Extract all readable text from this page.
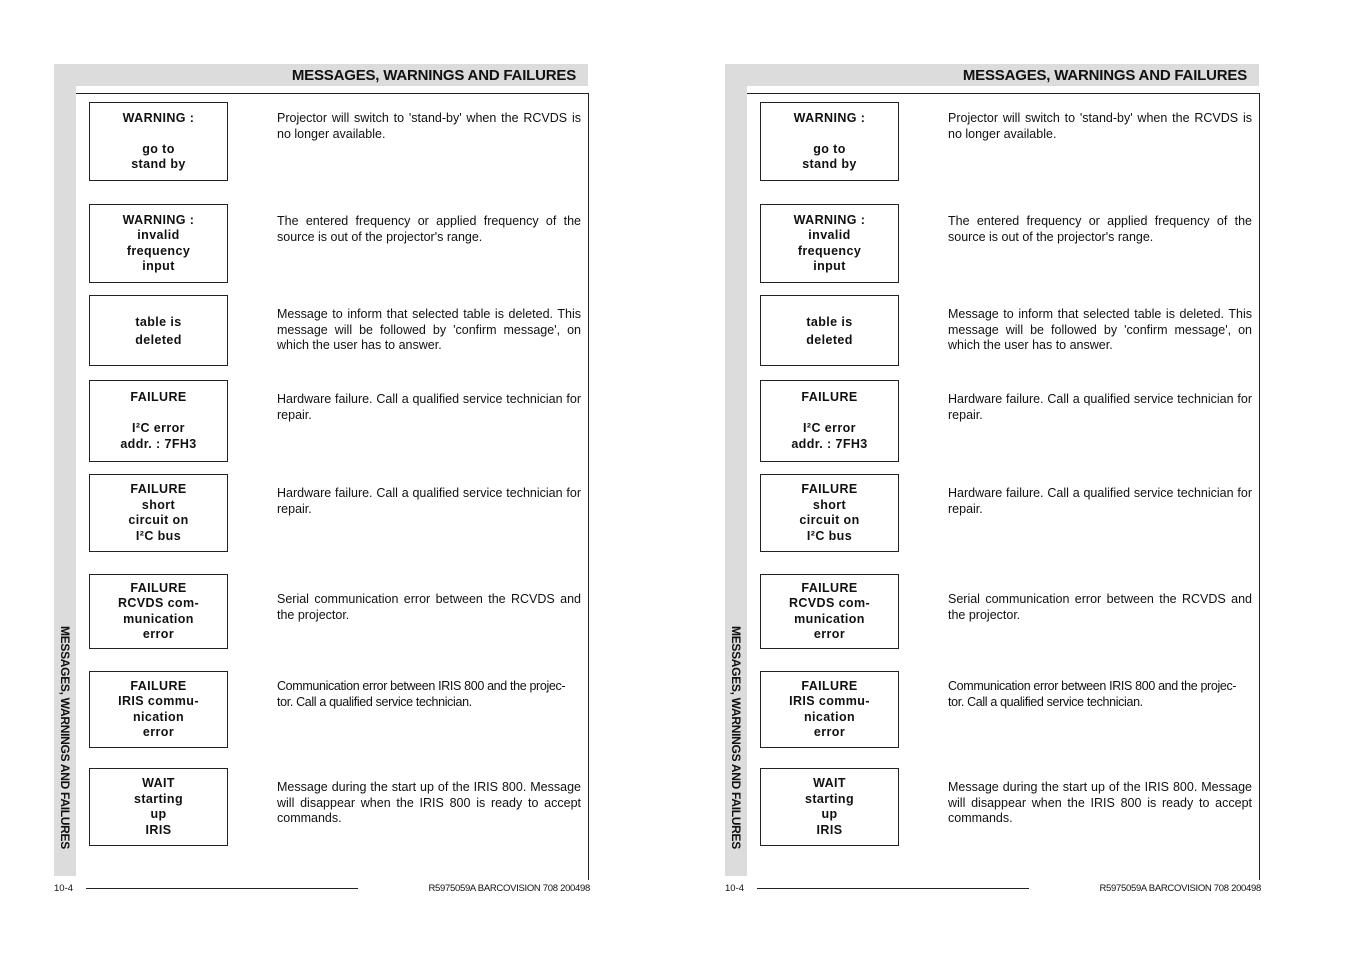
MESSAGES, WARNINGS AND FAILURES
MESSAGES, WARNINGS AND FAILURES
WARNING :

go to
stand by
Projector will switch to 'stand-by' when the RCVDS is no longer available.
WARNING :
invalid
frequency
input
The entered frequency or applied frequency of the source is out of the projector's range.
table is
deleted
Message to inform that selected table is deleted. This message will be followed by 'confirm message', on which the user has to answer.
FAILURE

I²C error
addr. : 7FH3
Hardware failure. Call a qualified service technician for repair.
FAILURE
short
circuit on
I²C bus
Hardware failure. Call a qualified service technician for repair.
FAILURE
RCVDS com-
munication
error
Serial communication error between the RCVDS and the projector.
FAILURE
IRIS commu-
nication
error
Communication error between IRIS 800 and the projec-
tor. Call a qualified service technician.
WAIT
starting
up
IRIS
Message during the start up of the IRIS 800. Message will disappear when the IRIS 800 is ready to accept commands.
10-4	R5975059A BARCOVISION 708 200498
MESSAGES, WARNINGS AND FAILURES
MESSAGES, WARNINGS AND FAILURES
WARNING :

go to
stand by
Projector will switch to 'stand-by' when the RCVDS is no longer available.
WARNING :
invalid
frequency
input
The entered frequency or applied frequency of the source is out of the projector's range.
table is
deleted
Message to inform that selected table is deleted. This message will be followed by 'confirm message', on which the user has to answer.
FAILURE

I²C error
addr. : 7FH3
Hardware failure. Call a qualified service technician for repair.
FAILURE
short
circuit on
I²C bus
Hardware failure. Call a qualified service technician for repair.
FAILURE
RCVDS com-
munication
error
Serial communication error between the RCVDS and the projector.
FAILURE
IRIS commu-
nication
error
Communication error between IRIS 800 and the projec-
tor. Call a qualified service technician.
WAIT
starting
up
IRIS
Message during the start up of the IRIS 800. Message will disappear when the IRIS 800 is ready to accept commands.
10-4	R5975059A BARCOVISION 708 200498
